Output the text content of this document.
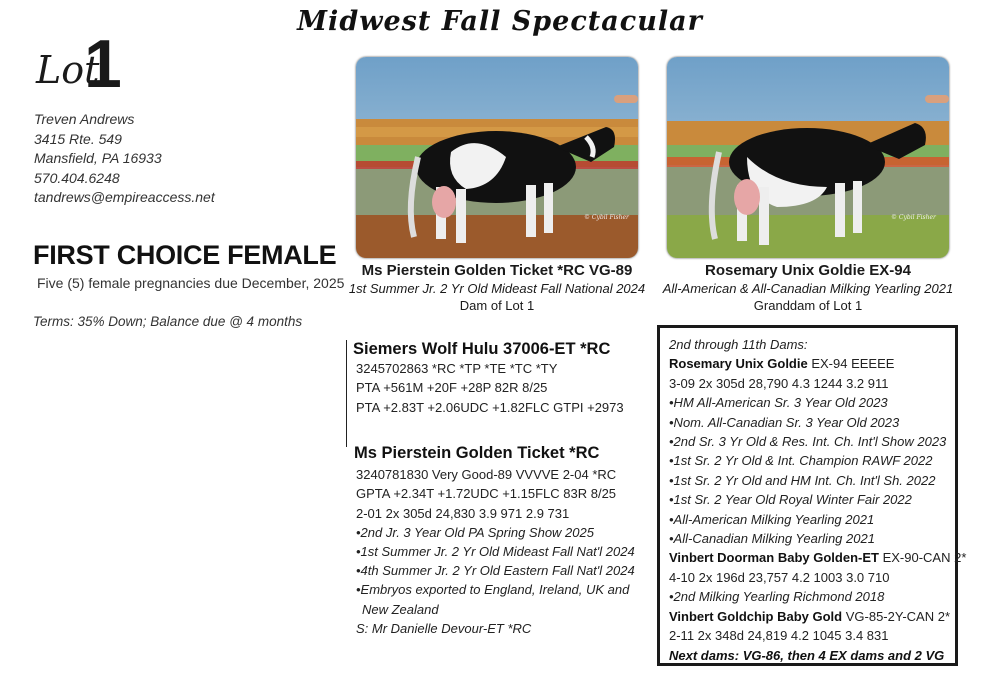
Midwest Fall Spectacular
Lot
1
Treven Andrews
3415 Rte. 549
Mansfield, PA 16933
570.404.6248
tandrews@empireaccess.net
FIRST CHOICE FEMALE
Five (5) female pregnancies due December, 2025
Terms: 35% Down; Balance due @ 4 months
© Cybil Fisher
Ms Pierstein Golden Ticket *RC VG-89
1st Summer Jr. 2 Yr Old Mideast Fall National 2024
Dam of Lot 1
© Cybil Fisher
Rosemary Unix Goldie EX-94
All-American & All-Canadian Milking Yearling 2021
Granddam of Lot 1
Siemers Wolf Hulu 37006-ET *RC
3245702863 *RC *TP *TE *TC *TY
PTA +561M +20F +28P 82R 8/25
PTA +2.83T +2.06UDC +1.82FLC GTPI +2973
Ms Pierstein Golden Ticket *RC
3240781830 Very Good-89 VVVVE 2-04 *RC
GPTA +2.34T +1.72UDC +1.15FLC 83R 8/25
2-01 2x 305d 24,830 3.9 971 2.9 731
•2nd Jr. 3 Year Old PA Spring Show 2025
•1st Summer Jr. 2 Yr Old Mideast Fall Nat'l 2024
•4th Summer Jr. 2 Yr Old Eastern Fall Nat'l 2024
•Embryos exported to England, Ireland, UK and
New Zealand
S: Mr Danielle Devour-ET *RC
2nd through 11th Dams:
Rosemary Unix Goldie EX-94 EEEEE
3-09 2x 305d 28,790 4.3 1244 3.2 911
•HM All-American Sr. 3 Year Old 2023
•Nom. All-Canadian Sr. 3 Year Old 2023
•2nd Sr. 3 Yr Old & Res. Int. Ch. Int'l Show 2023
•1st Sr. 2 Yr Old & Int. Champion RAWF 2022
•1st Sr. 2 Yr Old and HM Int. Ch. Int'l Sh. 2022
•1st Sr. 2 Year Old Royal Winter Fair 2022
•All-American Milking Yearling 2021
•All-Canadian Milking Yearling 2021
Vinbert Doorman Baby Golden-ET EX-90-CAN 2*
4-10 2x 196d 23,757 4.2 1003 3.0 710
•2nd Milking Yearling Richmond 2018
Vinbert Goldchip Baby Gold VG-85-2Y-CAN 2*
2-11 2x 348d 24,819 4.2 1045 3.4 831
Next dams: VG-86, then 4 EX dams and 2 VG
